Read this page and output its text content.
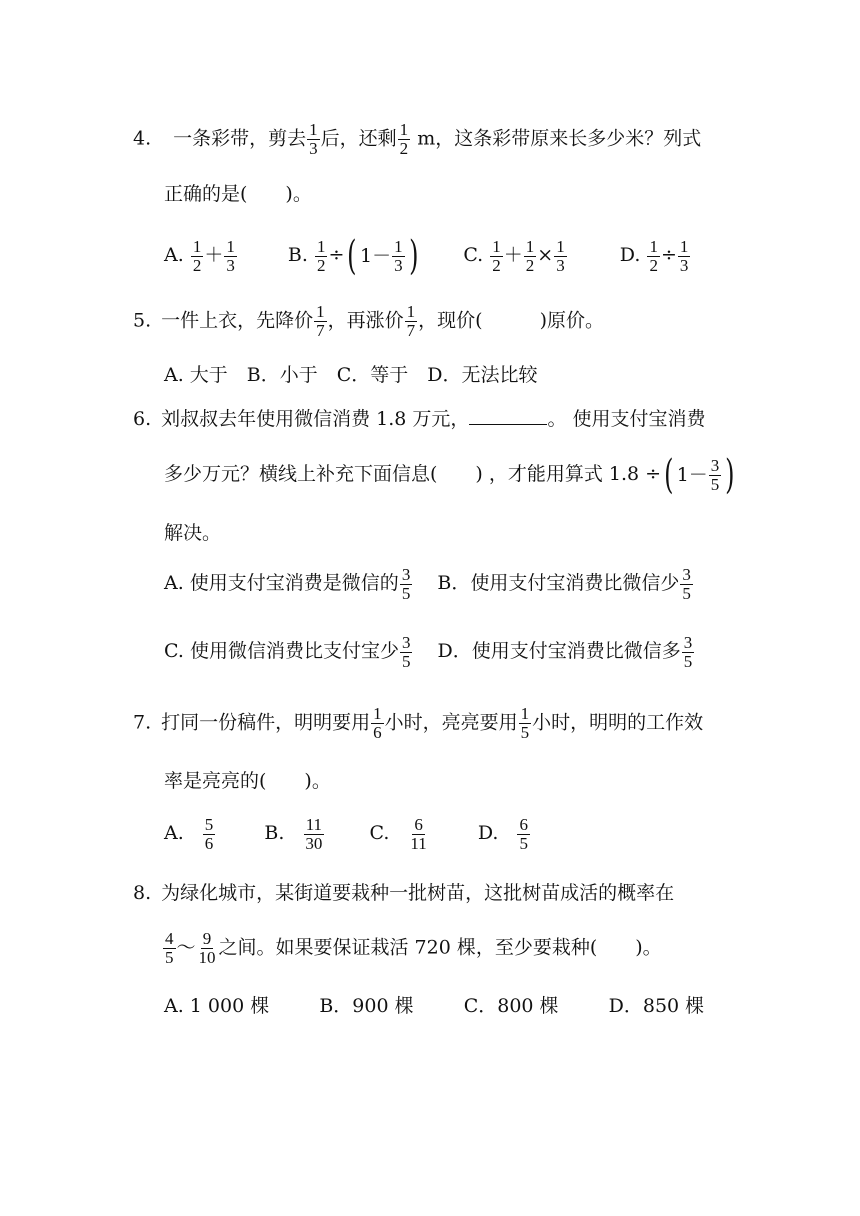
4. 一条彩带，剪去 $\frac{1}{3}$ 后，还剩 $\frac{1}{2}$ m，这条彩带原来长多少米？列式
正确的是(　　)。
A. $\frac{1}{2} + \frac{1}{3}$	B. $\frac{1}{2}$ ÷ ( $1- \frac{1}{3}$ ) C. $\frac{1}{2} + \frac{1}{2} \times \frac{1}{3}$	D. $\frac{1}{2} \div \frac{1}{3}$
5. 一件上衣，先降价 $\frac{1}{7}$ ，再涨价 $\frac{1}{7}$ ，现价(　　　)原价。
A. 大于　B．小于　C．等于　D．无法比较
6. 刘叔叔去年使用微信消费 1.8 万元，	。 使用支付宝消费
多少万元？横线上补充下面信息(　　) ，才能用算式 1.8 ÷ ( $1- \frac{3}{5}$ )
解决。
A. 使用支付宝消费是微信的 $\frac{3}{5}$ B．使用支付宝消费比微信少 $\frac{3}{5}$
C. 使用微信消费比支付宝少 $\frac{3}{5}$ D．使用支付宝消费比微信多 $\frac{3}{5}$
7. 打同一份稿件，明明要用 $\frac{1}{6}$ 小时，亮亮要用 $\frac{1}{5}$ 小时，明明的工作效
率是亮亮的(　　)。
A. $\frac{5}{6}$	B. $\frac{11}{30} C$. $\frac{6}{11}$	D. $\frac{6}{5}$
8. 为绿化城市，某街道要栽种一批树苗，这批树苗成活的概率在
$\frac{4}{5}$ ～ $\frac{9}{10}$ 之间。如果要保证栽活 720 棵，至少要栽种(　　)。
A. 1 000 棵	B．900 棵	C．800 棵	D．850 棵
